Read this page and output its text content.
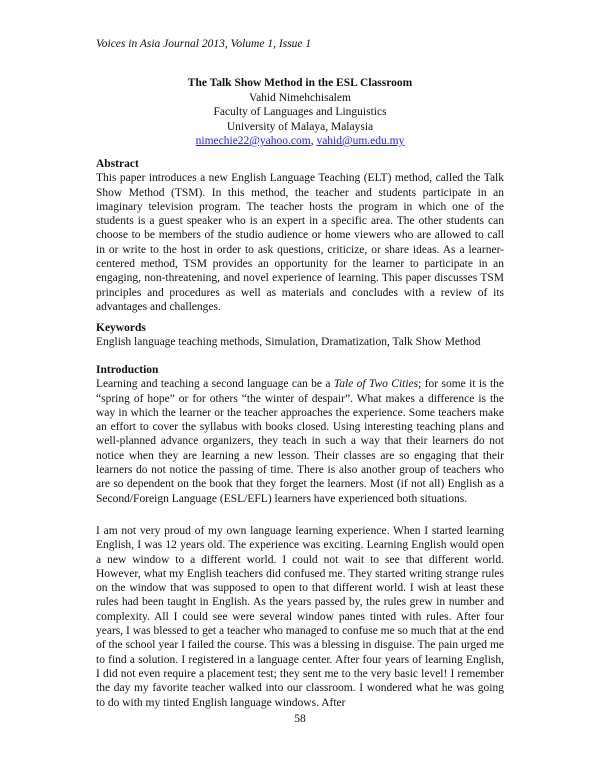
Voices in Asia Journal 2013, Volume 1, Issue 1
The Talk Show Method in the ESL Classroom
Vahid Nimehchisalem
Faculty of Languages and Linguistics
University of Malaya, Malaysia
nimechie22@yahoo.com, vahid@um.edu.my
Abstract

This paper introduces a new English Language Teaching (ELT) method, called the Talk Show Method (TSM). In this method, the teacher and students participate in an imaginary television program. The teacher hosts the program in which one of the students is a guest speaker who is an expert in a specific area. The other students can choose to be members of the studio audience or home viewers who are allowed to call in or write to the host in order to ask questions, criticize, or share ideas. As a learner-centered method, TSM provides an opportunity for the learner to participate in an engaging, non-threatening, and novel experience of learning. This paper discusses TSM principles and procedures as well as materials and concludes with a review of its advantages and challenges.

Keywords

English language teaching methods, Simulation, Dramatization, Talk Show Method

Introduction

Learning and teaching a second language can be a Tale of Two Cities; for some it is the “spring of hope” or for others “the winter of despair”. What makes a difference is the way in which the learner or the teacher approaches the experience. Some teachers make an effort to cover the syllabus with books closed. Using interesting teaching plans and well-planned advance organizers, they teach in such a way that their learners do not notice when they are learning a new lesson. Their classes are so engaging that their learners do not notice the passing of time. There is also another group of teachers who are so dependent on the book that they forget the learners. Most (if not all) English as a Second/Foreign Language (ESL/EFL) learners have experienced both situations.

I am not very proud of my own language learning experience. When I started learning English, I was 12 years old. The experience was exciting. Learning English would open a new window to a different world. I could not wait to see that different world. However, what my English teachers did confused me. They started writing strange rules on the window that was supposed to open to that different world. I wish at least these rules had been taught in English. As the years passed by, the rules grew in number and complexity. All I could see were several window panes tinted with rules. After four years, I was blessed to get a teacher who managed to confuse me so much that at the end of the school year I failed the course. This was a blessing in disguise. The pain urged me to find a solution. I registered in a language center. After four years of learning English, I did not even require a placement test; they sent me to the very basic level! I remember the day my favorite teacher walked into our classroom. I wondered what he was going to do with my tinted English language windows. After

58
